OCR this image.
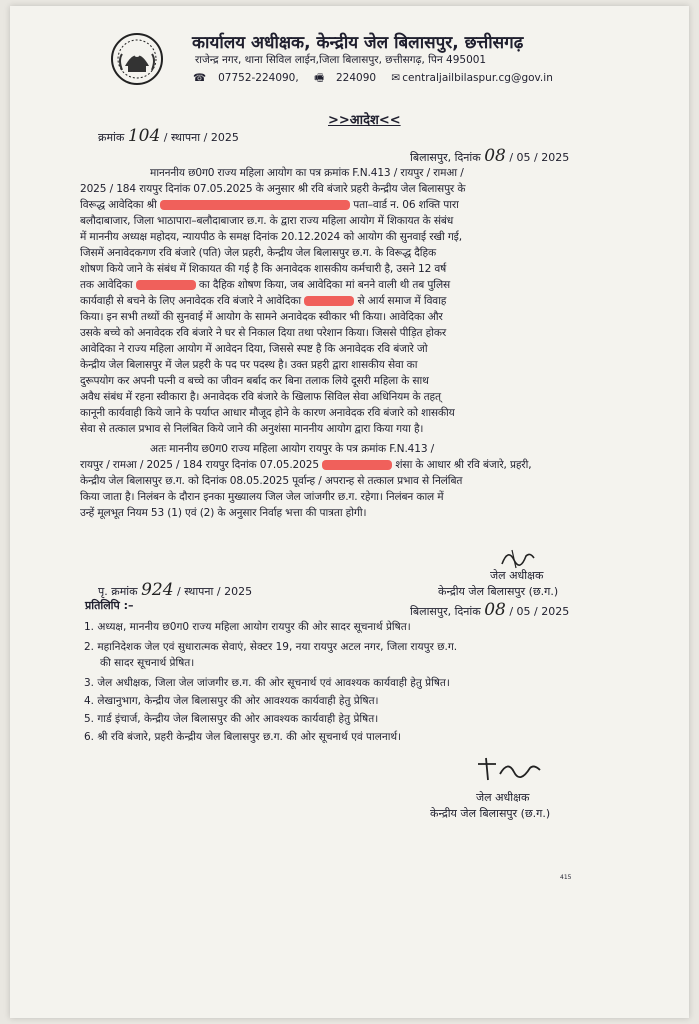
कार्यालय अधीक्षक, केन्द्रीय जेल बिलासपुर, छत्तीसगढ़
राजेन्द्र नगर, थाना सिविल लाईन,जिला बिलासपुर, छत्तीसगढ़, पिन 495001
☎ 07752-224090, 🖷 224090 ✉ centraljailbilaspur.cg@gov.in
>>आदेश<<
क्रमांक 104 / स्थापना / 2025
बिलासपुर, दिनांक 08 / 05 / 2025
मानननीय छ0ग0 राज्य महिला आयोग का पत्र क्रमांक F.N.413 / रायपुर / रामआ /
2025 / 184 रायपुर दिनांक 07.05.2025 के अनुसार श्री रवि बंजारे प्रहरी केन्द्रीय जेल बिलासपुर के
विरूद्ध आवेदिका श्री	पता–वार्ड न. 06 शक्ति पारा
बलौदाबाजार, जिला भाठापारा–बलौदाबाजार छ.ग. के द्वारा राज्य महिला आयोग में शिकायत के संबंध
में माननीय अध्यक्ष महोदय, न्यायपीठ के समक्ष दिनांक 20.12.2024 को आयोग की सुनवाई रखी गई,
जिसमें अनावेदकगण रवि बंजारे (पति) जेल प्रहरी, केन्द्रीय जेल बिलासपुर छ.ग. के विरूद्ध दैहिक
शोषण किये जाने के संबंध में शिकायत की गई है कि अनावेदक शासकीय कर्मचारी है, उसने 12 वर्ष
तक आवेदिका	का दैहिक शोषण किया, जब आवेदिका मां बनने वाली थी तब पुलिस
कार्यवाही से बचने के लिए अनावेदक रवि बंजारे ने आवेदिका	से आर्य समाज में विवाह
किया। इन सभी तथ्यों की सुनवाई में आयोग के सामने अनावेदक स्वीकार भी किया। आवेदिका और
उसके बच्चे को अनावेदक रवि बंजारे ने घर से निकाल दिया तथा परेशान किया। जिससे पीड़ित होकर
आवेदिका ने राज्य महिला आयोग में आवेदन दिया, जिससे स्पष्ट है कि अनावेदक रवि बंजारे जो
केन्द्रीय जेल बिलासपुर में जेल प्रहरी के पद पर पदस्थ है। उक्त प्रहरी द्वारा शासकीय सेवा का
दुरूपयोग कर अपनी पत्नी व बच्चे का जीवन बर्बाद कर बिना तलाक लिये दूसरी महिला के साथ
अवैध संबंध में रहना स्वीकारा है। अनावेदक रवि बंजारे के खिलाफ सिविल सेवा अधिनियम के तहत्
कानूनी कार्यवाही किये जाने के पर्याप्त आधार मौजूद होने के कारण अनावेदक रवि बंजारे को शासकीय
सेवा से तत्काल प्रभाव से निलंबित किये जाने की अनुशंसा माननीय आयोग द्वारा किया गया है।
अतः माननीय छ0ग0 राज्य महिला आयोग रायपुर के पत्र क्रमांक F.N.413 /
रायपुर / रामआ / 2025 / 184 रायपुर दिनांक 07.05.2025	शंसा के आधार श्री रवि बंजारे, प्रहरी,
केन्द्रीय जेल बिलासपुर छ.ग. को दिनांक 08.05.2025 पूर्वान्ह / अपरान्ह से तत्काल प्रभाव से निलंबित
किया जाता है। निलंबन के दौरान इनका मुख्यालय जिल जेल जांजगीर छ.ग. रहेगा। निलंबन काल में
उन्हें मूलभूत नियम 53 (1) एवं (2) के अनुसार निर्वाह भत्ता की पात्रता होगी।
जेल अधीक्षक
केन्द्रीय जेल बिलासपुर (छ.ग.)
पृ. क्रमांक 924 / स्थापना / 2025
प्रतिलिपि :–	बिलासपुर, दिनांक 08 / 05 / 2025
1. अध्यक्ष, माननीय छ0ग0 राज्य महिला आयोग रायपुर की ओर सादर सूचनार्थ प्रेषित।
2. महानिदेशक जेल एवं सुधारात्मक सेवाएं, सेक्टर 19, नया रायपुर अटल नगर, जिला रायपुर छ.ग.
की सादर सूचनार्थ प्रेषित।
3. जेल अधीक्षक, जिला जेल जांजगीर छ.ग. की ओर सूचनार्थ एवं आवश्यक कार्यवाही हेतु प्रेषित।
4. लेखानुभाग, केन्द्रीय जेल बिलासपुर की ओर आवश्यक कार्यवाही हेतु प्रेषित।
5. गार्ड इंचार्ज, केन्द्रीय जेल बिलासपुर की ओर आवश्यक कार्यवाही हेतु प्रेषित।
6. श्री रवि बंजारे, प्रहरी केन्द्रीय जेल बिलासपुर छ.ग. की ओर सूचनार्थ एवं पालनार्थ।
जेल अधीक्षक
केन्द्रीय जेल बिलासपुर (छ.ग.)
415
